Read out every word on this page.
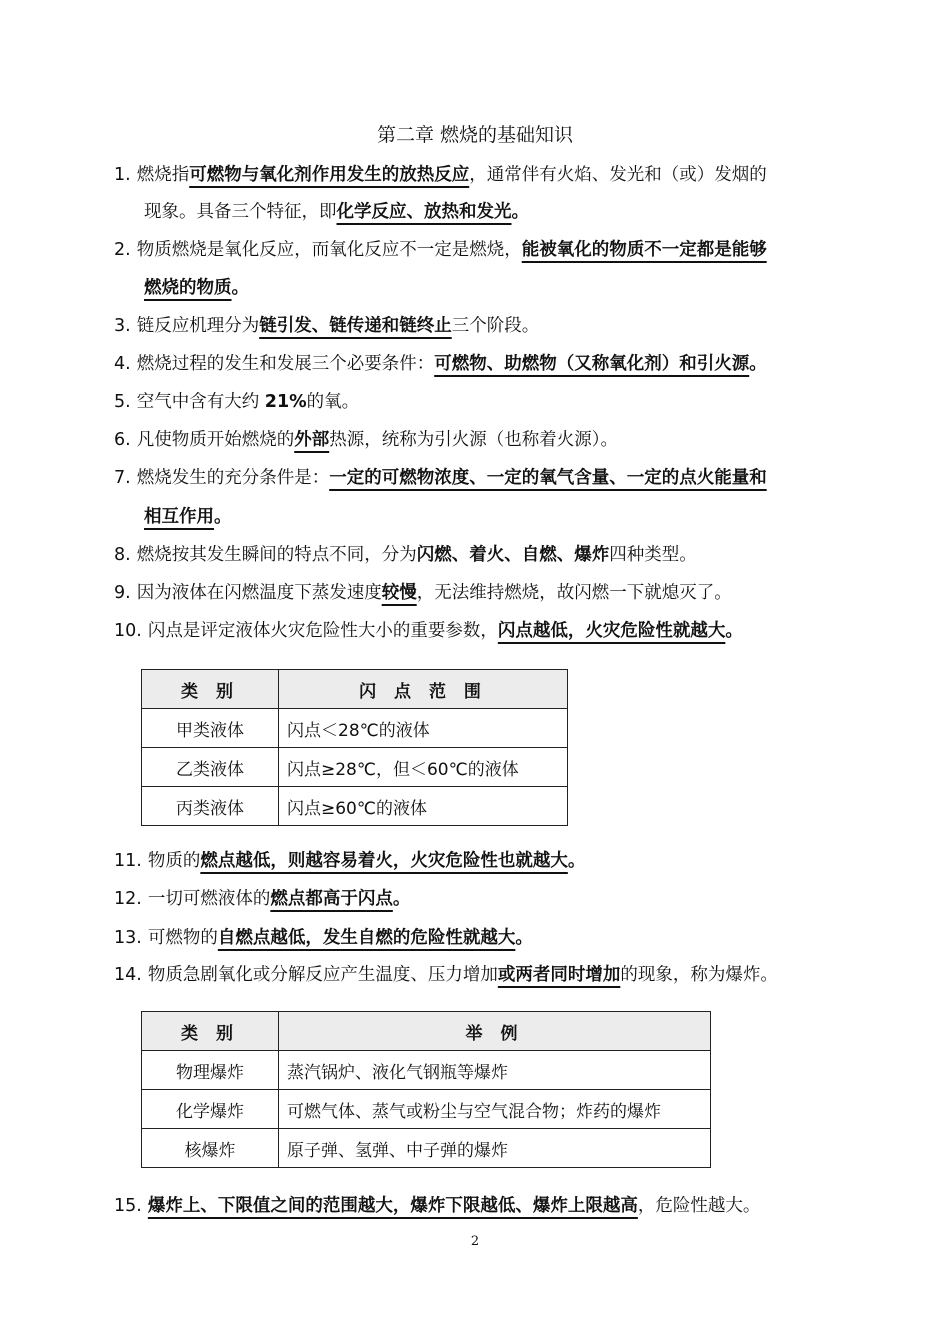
第二章 燃烧的基础知识
1. 燃烧指可燃物与氧化剂作用发生的放热反应，通常伴有火焰、发光和（或）发烟的
现象。具备三个特征，即化学反应、放热和发光。
2. 物质燃烧是氧化反应，而氧化反应不一定是燃烧，能被氧化的物质不一定都是能够
燃烧的物质。
3. 链反应机理分为链引发、链传递和链终止三个阶段。
4. 燃烧过程的发生和发展三个必要条件：可燃物、助燃物（又称氧化剂）和引火源。
5. 空气中含有大约 21%的氧。
6. 凡使物质开始燃烧的外部热源，统称为引火源（也称着火源）。
7. 燃烧发生的充分条件是：一定的可燃物浓度、一定的氧气含量、一定的点火能量和
相互作用。
8. 燃烧按其发生瞬间的特点不同，分为闪燃、着火、自燃、爆炸四种类型。
9. 因为液体在闪燃温度下蒸发速度较慢，无法维持燃烧，故闪燃一下就熄灭了。
10. 闪点是评定液体火灾危险性大小的重要参数，闪点越低，火灾危险性就越大。
类 别	闪 点 范 围
甲类液体	闪点＜28℃的液体
乙类液体	闪点≥28℃，但＜60℃的液体
丙类液体	闪点≥60℃的液体
11. 物质的燃点越低，则越容易着火，火灾危险性也就越大。
12. 一切可燃液体的燃点都高于闪点。
13. 可燃物的自燃点越低，发生自燃的危险性就越大。
14. 物质急剧氧化或分解反应产生温度、压力增加或两者同时增加的现象，称为爆炸。
类 别	举 例
物理爆炸	蒸汽锅炉、液化气钢瓶等爆炸
化学爆炸	可燃气体、蒸气或粉尘与空气混合物；炸药的爆炸
核爆炸	原子弹、氢弹、中子弹的爆炸
15. 爆炸上、下限值之间的范围越大，爆炸下限越低、爆炸上限越高，危险性越大。
2
